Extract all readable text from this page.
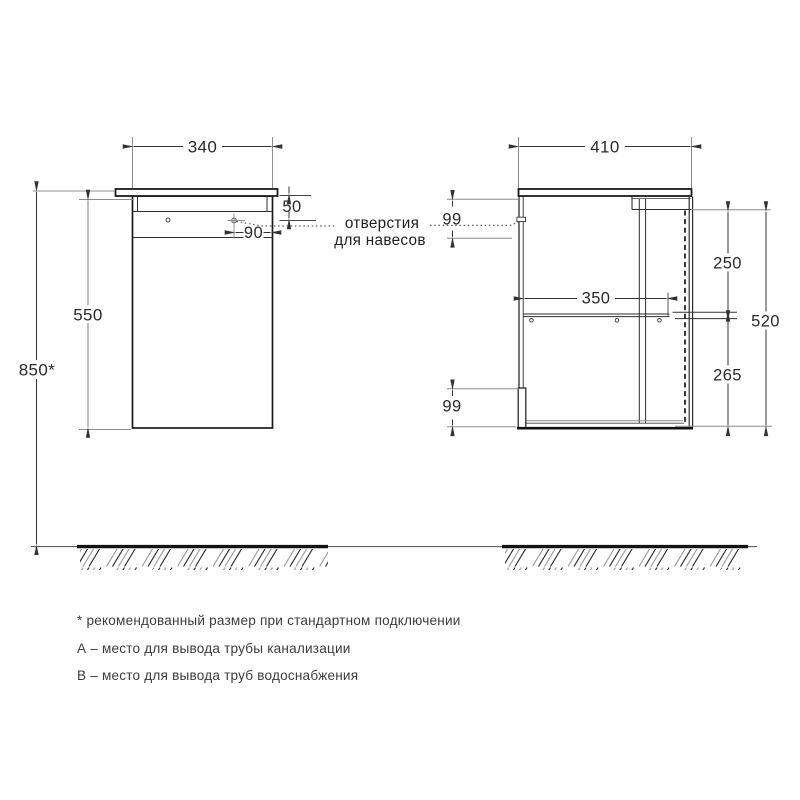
340
850*
550
50
90
отверстия
для навесов
410
99
99
250
265
520
350

* рекомендованный размер при стандартном подключении

А – место для вывода трубы канализации

В – место для вывода труб водоснабжения
